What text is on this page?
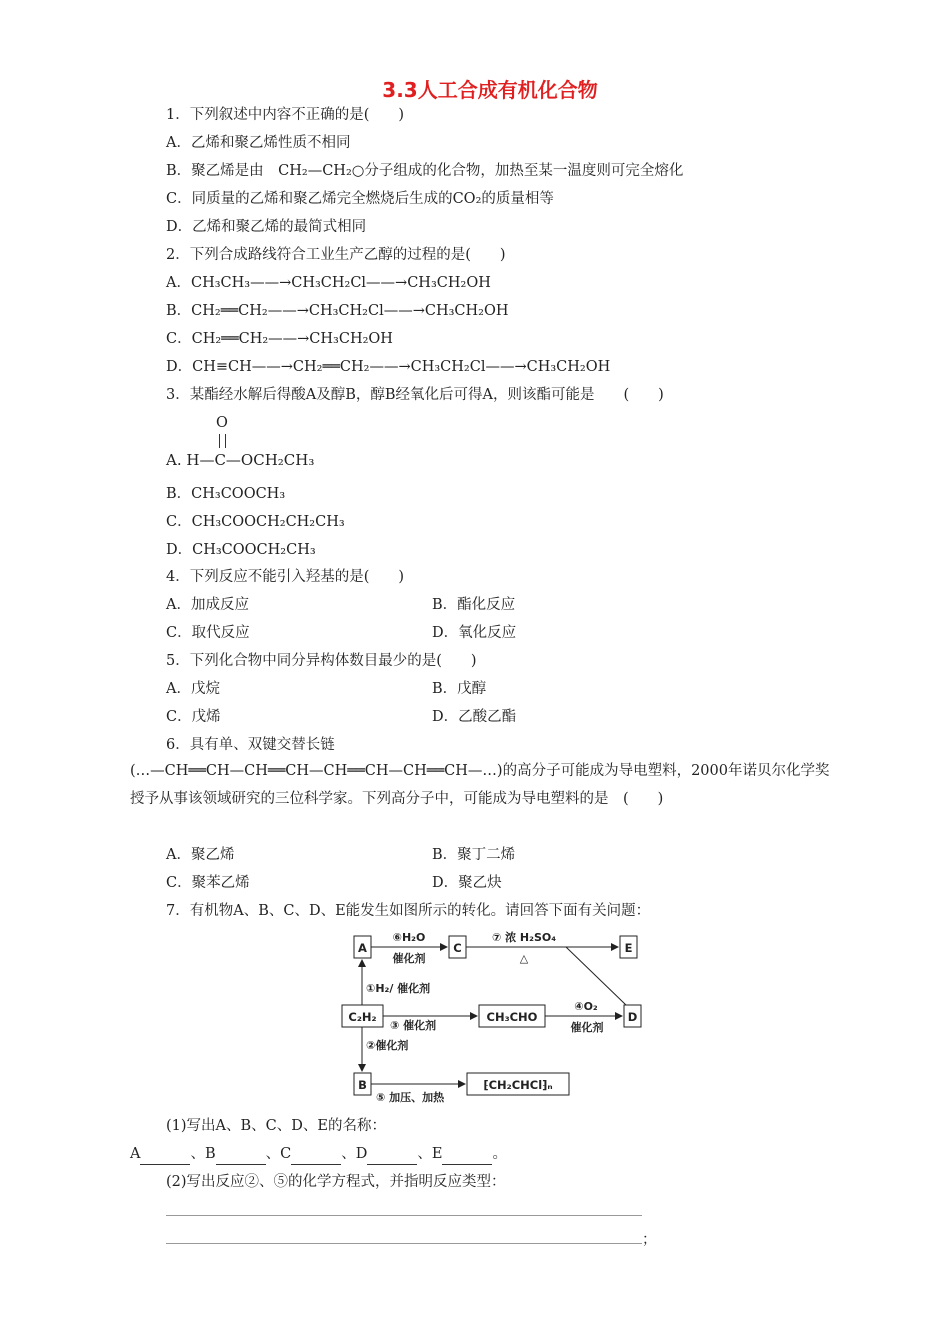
3.3人工合成有机化合物
1．下列叙述中内容不正确的是(　　)
A．乙烯和聚乙烯性质不相同
B．聚乙烯是由　CH₂—CH₂○分子组成的化合物，加热至某一温度则可完全熔化
C．同质量的乙烯和聚乙烯完全燃烧后生成的CO₂的质量相等
D．乙烯和聚乙烯的最简式相同
2．下列合成路线符合工业生产乙醇的过程的是(　　)
A．CH₃CH₃——→CH₃CH₂Cl——→CH₃CH₂OH
B．CH₂══CH₂——→CH₃CH₂Cl——→CH₃CH₂OH
C．CH₂══CH₂——→CH₃CH₂OH
D．CH≡CH——→CH₂══CH₂——→CH₃CH₂Cl——→CH₃CH₂OH
3．某酯经水解后得酸A及醇B，醇B经氧化后可得A，则该酯可能是　　(　　)
O
A. H—C—OCH₂CH₃
B．CH₃COOCH₃
C．CH₃COOCH₂CH₂CH₃
D．CH₃COOCH₂CH₃
4．下列反应不能引入羟基的是(　　)
A．加成反应	B．酯化反应
C．取代反应	D．氧化反应
5．下列化合物中同分异构体数目最少的是(　　)
A．戊烷	B．戊醇
C．戊烯	D．乙酸乙酯
6．具有单、双键交替长链
(…—CH══CH—CH══CH—CH══CH—CH══CH—…)的高分子可能成为导电塑料，2000年诺贝尔化学奖授予从事该领域研究的三位科学家。下列高分子中，可能成为导电塑料的是　(　　)
A．聚乙烯	B．聚丁二烯
C．聚苯乙烯	D．聚乙炔
7．有机物A、B、C、D、E能发生如图所示的转化。请回答下面有关问题：
A	C	E
C₂H₂	CH₃CHO	D
B	⁅CH₂CHCl⁆ₙ
⑥H₂O
催化剂
⑦ 浓 H₂SO₄
△
①H₂/ 催化剂
③ 催化剂
④O₂
催化剂
②催化剂
⑤ 加压、加热
(1)写出A、B、C、D、E的名称：
A	、B	、C	、D	、E	。
(2)写出反应②、⑤的化学方程式，并指明反应类型：
；
